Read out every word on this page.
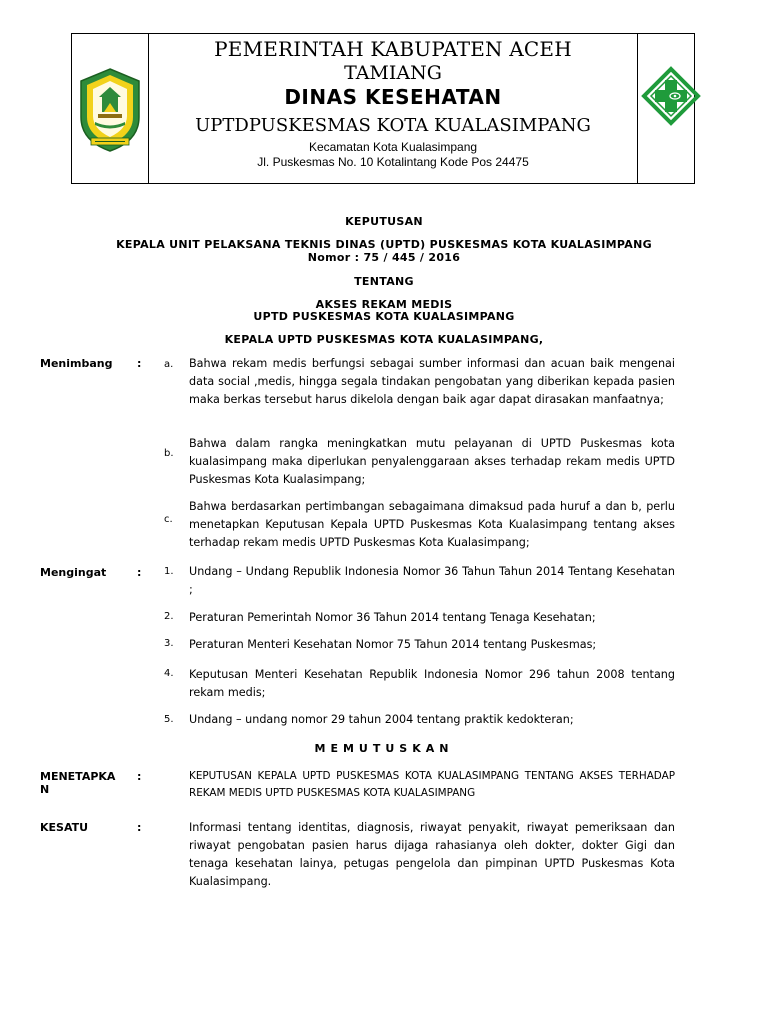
PEMERINTAH KABUPATEN ACEH
TAMIANG
DINAS KESEHATAN
UPTDPUSKESMAS KOTA KUALASIMPANG
Kecamatan Kota Kualasimpang
Jl. Puskesmas No. 10 Kotalintang Kode Pos 24475
KEPUTUSAN
KEPALA UNIT PELAKSANA TEKNIS DINAS (UPTD) PUSKESMAS KOTA KUALASIMPANG
Nomor : 75 / 445 / 2016
TENTANG
AKSES REKAM MEDIS
UPTD PUSKESMAS KOTA KUALASIMPANG
KEPALA UPTD PUSKESMAS KOTA KUALASIMPANG,
Menimbang : a. Bahwa rekam medis berfungsi sebagai sumber informasi dan acuan baik mengenai data social ,medis, hingga segala tindakan pengobatan yang diberikan kepada pasien maka berkas tersebut harus dikelola dengan baik agar dapat dirasakan manfaatnya;
b.
Bahwa dalam rangka meningkatkan mutu pelayanan di UPTD Puskesmas kota kualasimpang maka diperlukan penyalenggaraan akses terhadap rekam medis UPTD Puskesmas Kota Kualasimpang;
c.
Bahwa berdasarkan pertimbangan sebagaimana dimaksud pada huruf a dan b, perlu menetapkan Keputusan Kepala UPTD Puskesmas Kota Kualasimpang tentang akses terhadap rekam medis UPTD Puskesmas Kota Kualasimpang;
Mengingat	: 1. Undang – Undang Republik Indonesia Nomor 36 Tahun Tahun 2014 Tentang Kesehatan ;
2. Peraturan Pemerintah Nomor 36 Tahun 2014 tentang Tenaga Kesehatan;
3. Peraturan Menteri Kesehatan Nomor 75 Tahun 2014 tentang Puskesmas;
4. Keputusan Menteri Kesehatan Republik Indonesia Nomor 296 tahun 2008 tentang rekam medis;
5. Undang – undang nomor 29 tahun 2004 tentang praktik kedokteran;
MEMUTUSKAN
MENETAPKA
N
:	KEPUTUSAN KEPALA UPTD PUSKESMAS KOTA KUALASIMPANG TENTANG AKSES TERHADAP REKAM MEDIS UPTD PUSKESMAS KOTA KUALASIMPANG
KESATU	:	Informasi tentang identitas, diagnosis, riwayat penyakit, riwayat pemeriksaan dan riwayat pengobatan pasien harus dijaga rahasianya oleh dokter, dokter Gigi dan tenaga kesehatan lainya, petugas pengelola dan pimpinan UPTD Puskesmas Kota Kualasimpang.
